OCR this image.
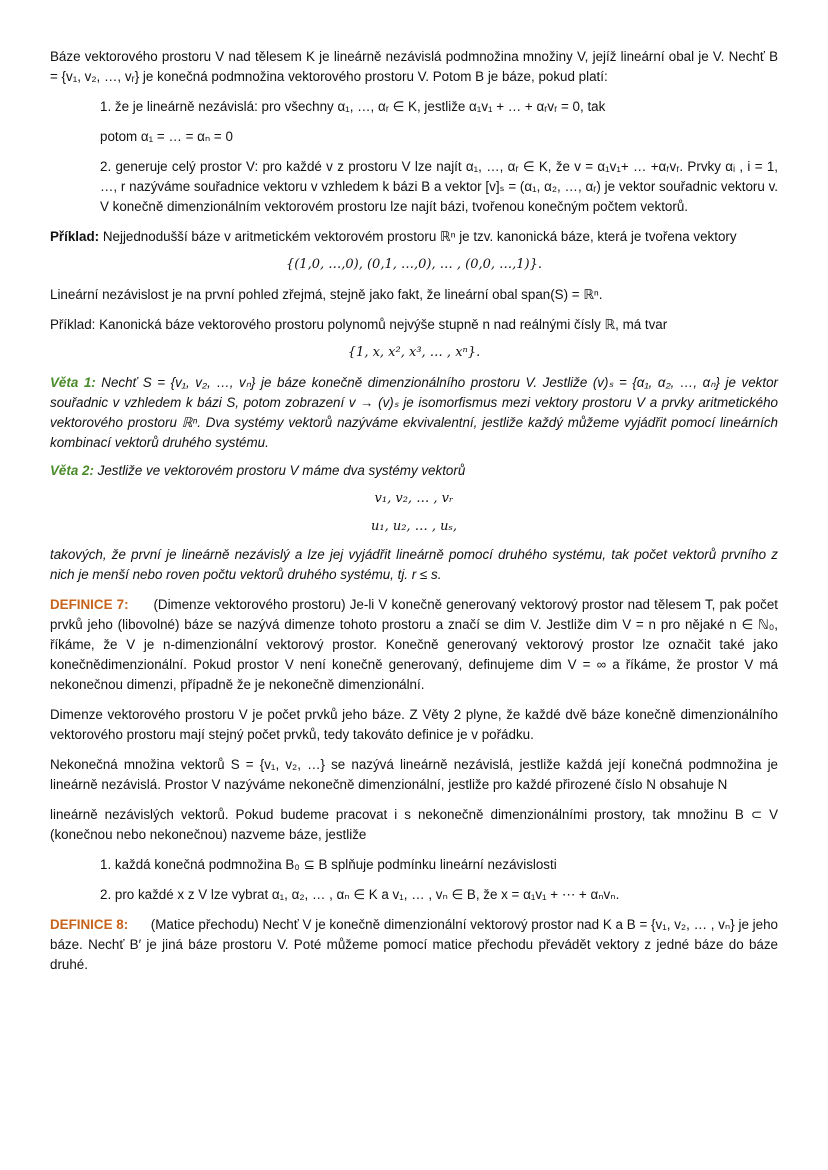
Báze vektorového prostoru V nad tělesem K je lineárně nezávislá podmnožina množiny V, jejíž lineární obal je V. Nechť B = {v₁, v₂, …, vᵣ} je konečná podmnožina vektorového prostoru V. Potom B je báze, pokud platí:

1. že je lineárně nezávislá: pro všechny α₁, …, αᵣ ∈ K, jestliže α₁v₁ + … + αᵣvᵣ = 0, tak

potom α₁ = … = αₙ = 0

2. generuje celý prostor V: pro každé v z prostoru V lze najít α₁, …, αᵣ ∈ K, že v = α₁v₁+ … +αᵣvᵣ. Prvky αᵢ , i = 1, …, r nazýváme souřadnice vektoru v vzhledem k bázi B a vektor [v]ₛ = (α₁, α₂, …, αᵣ) je vektor souřadnic vektoru v. V konečně dimenzionálním vektorovém prostoru lze najít bázi, tvořenou konečným počtem vektorů.

Příklad: Nejjednodušší báze v aritmetickém vektorovém prostoru ℝⁿ je tzv. kanonická báze, která je tvořena vektory

{(1,0, …,0), (0,1, …,0), … , (0,0, …,1)}.

Lineární nezávislost je na první pohled zřejmá, stejně jako fakt, že lineární obal span(S) = ℝⁿ.

Příklad: Kanonická báze vektorového prostoru polynomů nejvýše stupně n nad reálnými čísly ℝ, má tvar

{1, x, x², x³, … , xⁿ}.

Věta 1: Nechť S = {v₁, v₂, …, vₙ} je báze konečně dimenzionálního prostoru V. Jestliže (v)ₛ = {α₁, α₂, …, αₙ} je vektor souřadnic v vzhledem k bázi S, potom zobrazení v → (v)ₛ je isomorfismus mezi vektory prostoru V a prvky aritmetického vektorového prostoru ℝⁿ. Dva systémy vektorů nazýváme ekvivalentní, jestliže každý můžeme vyjádřit pomocí lineárních kombinací vektorů druhého systému.

Věta 2: Jestliže ve vektorovém prostoru V máme dva systémy vektorů

v₁, v₂, … , vᵣ

u₁, u₂, … , uₛ,

takových, že první je lineárně nezávislý a lze jej vyjádřit lineárně pomocí druhého systému, tak počet vektorů prvního z nich je menší nebo roven počtu vektorů druhého systému, tj. r ≤ s.

DEFINICE 7:      (Dimenze vektorového prostoru) Je-li V konečně generovaný vektorový prostor nad tělesem T, pak počet prvků jeho (libovolné) báze se nazývá dimenze tohoto prostoru a značí se dim V. Jestliže dim V = n pro nějaké n ∈ ℕ₀, říkáme, že V je n-dimenzionální vektorový prostor. Konečně generovaný vektorový prostor lze označit také jako konečnědimenzionální. Pokud prostor V není konečně generovaný, definujeme dim V = ∞ a říkáme, že prostor V má nekonečnou dimenzi, případně že je nekonečně dimenzionální.

Dimenze vektorového prostoru V je počet prvků jeho báze. Z Věty 2 plyne, že každé dvě báze konečně dimenzionálního vektorového prostoru mají stejný počet prvků, tedy takováto definice je v pořádku.

Nekonečná množina vektorů S = {v₁, v₂, …} se nazývá lineárně nezávislá, jestliže každá její konečná podmnožina je lineárně nezávislá. Prostor V nazýváme nekonečně dimenzionální, jestliže pro každé přirozené číslo N obsahuje N

lineárně nezávislých vektorů. Pokud budeme pracovat i s nekonečně dimenzionálními prostory, tak množinu B ⊂ V (konečnou nebo nekonečnou) nazveme báze, jestliže

1. každá konečná podmnožina B₀ ⊆ B splňuje podmínku lineární nezávislosti

2. pro každé x z V lze vybrat α₁, α₂, … , αₙ ∈ K a v₁, … , vₙ ∈ B, že x = α₁v₁ + ⋯ + αₙvₙ.

DEFINICE 8:      (Matice přechodu) Nechť V je konečně dimenzionální vektorový prostor nad K a B = {v₁, v₂, … , vₙ} je jeho báze. Nechť B′ je jiná báze prostoru V. Poté můžeme pomocí matice přechodu převádět vektory z jedné báze do báze druhé.
